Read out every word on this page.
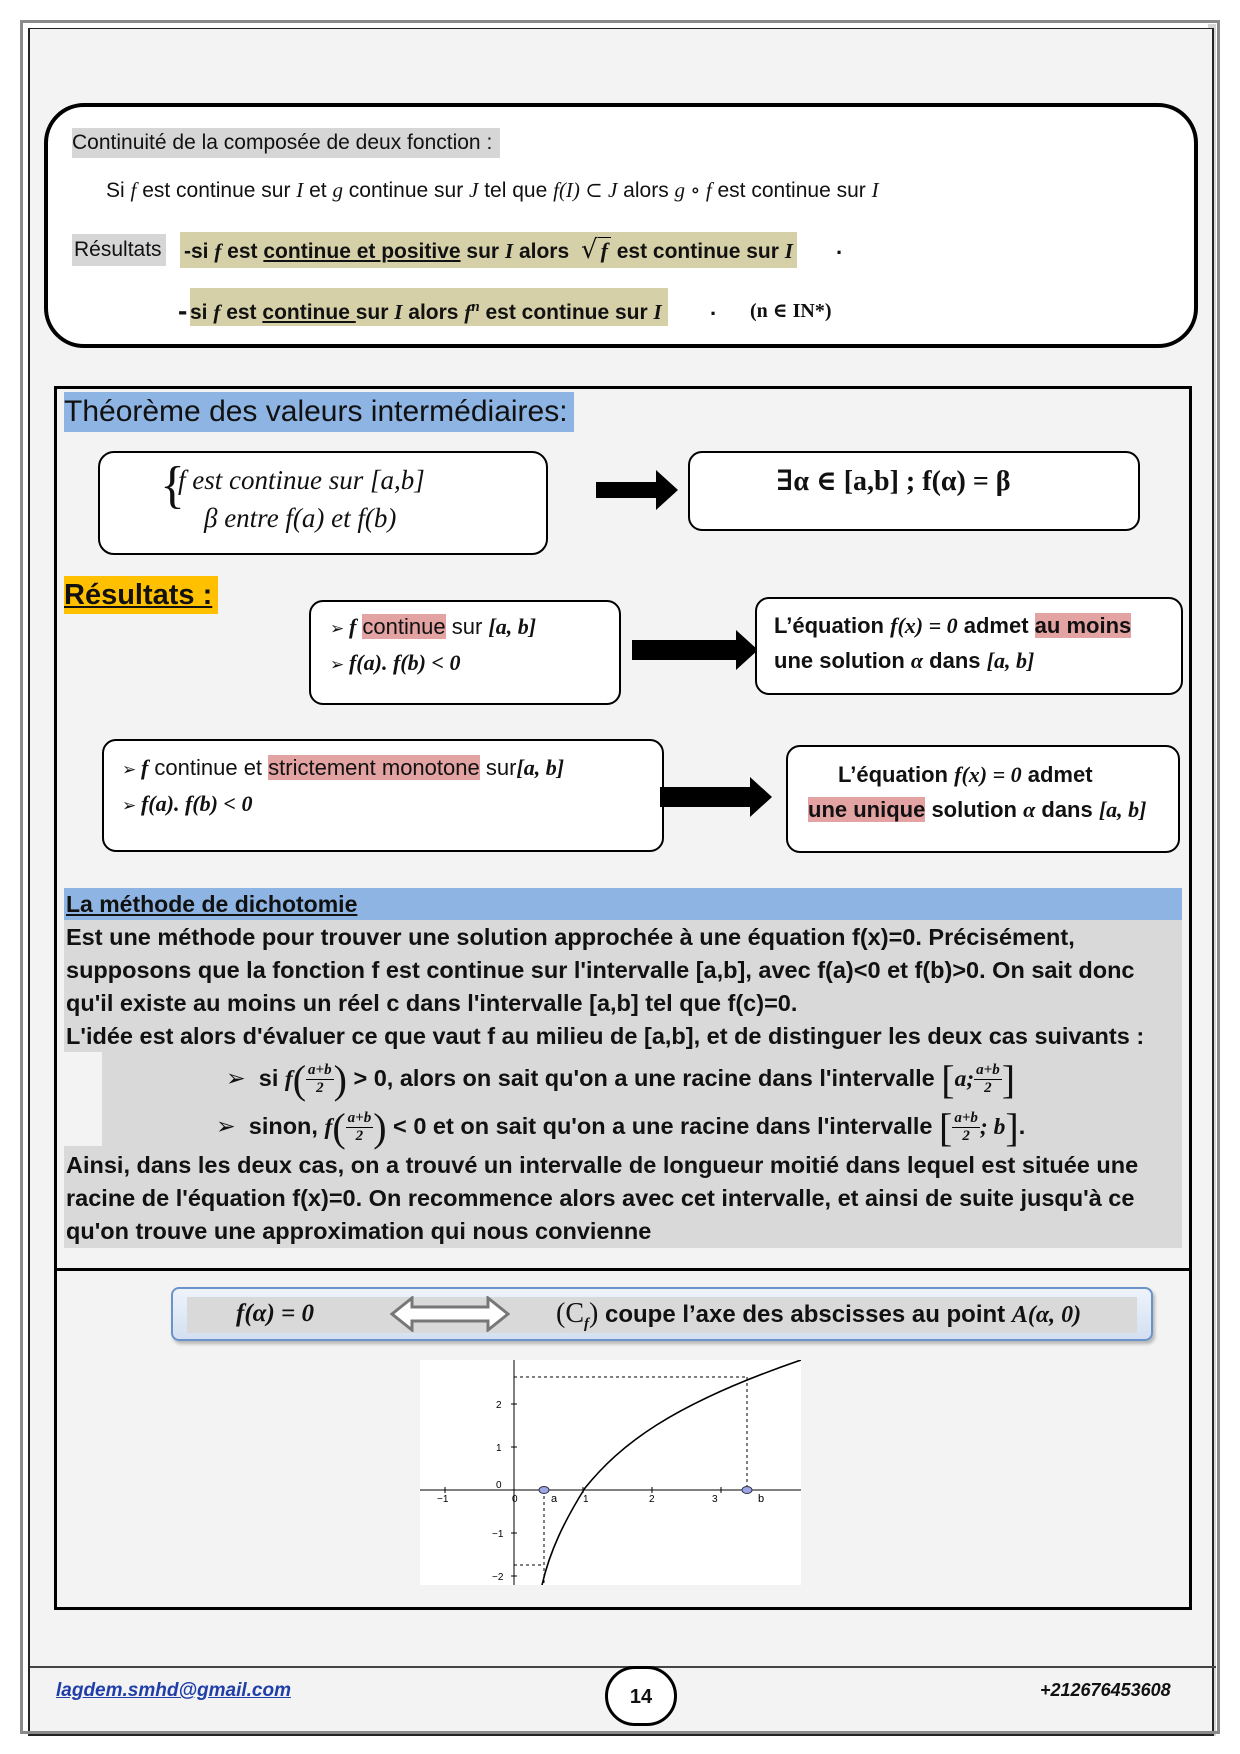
Continuité de la composée de deux fonction :
Si f est continue sur I et g continue sur J tel que f(I) ⊂ J alors g ∘ f est continue sur I
Résultats -si f est continue et positive sur I alors √ f est continue sur I .
- si f est continue sur I alors $f^n$ est continue sur I . (n ∈ IN*)
Théorème des valeurs intermédiaires:
{
f est continue sur [a,b]
β entre f(a) et f(b)
∃α ∈ [a,b] ; f(α) = β
Résultats :
➢ f continue sur [a, b]
➢ f(a). f(b) < 0
L’équation f(x) = 0 admet au moins
une solution α dans [a, b]
➢ f continue et strictement monotone sur[a, b]
➢ f(a). f(b) < 0
L’équation f(x) = 0 admet
une unique solution α dans [a, b]
La méthode de dichotomie
Est une méthode pour trouver une solution approchée à une équation f(x)=0. Précisément,
supposons que la fonction f est continue sur l'intervalle [a,b], avec f(a)<0 et f(b)>0. On sait donc
qu'il existe au moins un réel c dans l'intervalle [a,b] tel que f(c)=0.
L'idée est alors d'évaluer ce que vaut f au milieu de [a,b], et de distinguer les deux cas suivants :
➢  si $f( \frac{a+b}{2}$ ) > 0, alors on sait qu'on a une racine dans l'intervalle [a; $\frac{a+b}{2}$ ]
➢  sinon, $f( \frac{a+b}{2}$ ) < 0 et on sait qu'on a une racine dans l'intervalle [ $\frac{a+b}{2}$ ; b].
Ainsi, dans les deux cas, on a trouvé un intervalle de longueur moitié dans lequel est située une
racine de l'équation f(x)=0. On recommence alors avec cet intervalle, et ainsi de suite jusqu'à ce
qu'on trouve une approximation qui nous convienne
f(α) = 0	$(C_f)$ coupe l’axe des abscisses au point A(α, 0)
−1	0	1	2	3
2
1
0
−1
−2
a	b
lagdem.smhd@gmail.com	14	+212676453608
